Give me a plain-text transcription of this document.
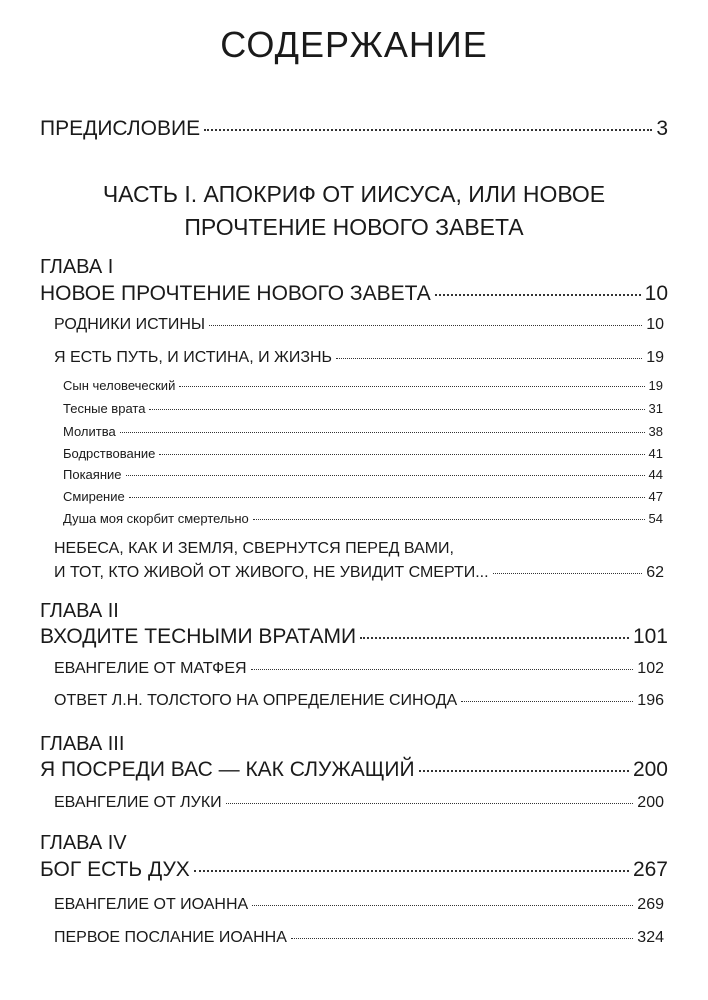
СОДЕРЖАНИЕ
ПРЕДИСЛОВИЕ	3
ЧАСТЬ I. АПОКРИФ ОТ ИИСУСА, ИЛИ НОВОЕ
ПРОЧТЕНИЕ НОВОГО ЗАВЕТА
ГЛАВА I
НОВОЕ ПРОЧТЕНИЕ НОВОГО ЗАВЕТА	10
РОДНИКИ ИСТИНЫ	10
Я ЕСТЬ ПУТЬ, И ИСТИНА, И ЖИЗНЬ	19
Сын человеческий	19
Тесные врата	31
Молитва	38
Бодрствование	41
Покаяние	44
Смирение	47
Душа моя скорбит смертельно	54
НЕБЕСА, КАК И ЗЕМЛЯ, СВЕРНУТСЯ ПЕРЕД ВАМИ,
И ТОТ, КТО ЖИВОЙ ОТ ЖИВОГО, НЕ УВИДИТ СМЕРТИ...	62
ГЛАВА II
ВХОДИТЕ ТЕСНЫМИ ВРАТАМИ	101
ЕВАНГЕЛИЕ ОТ МАТФЕЯ	102
ОТВЕТ Л.Н. ТОЛСТОГО НА ОПРЕДЕЛЕНИЕ СИНОДА	196
ГЛАВА III
Я ПОСРЕДИ ВАС — КАК СЛУЖАЩИЙ	200
ЕВАНГЕЛИЕ ОТ ЛУКИ	200
ГЛАВА IV
БОГ ЕСТЬ ДУХ	267
ЕВАНГЕЛИЕ ОТ ИОАННА	269
ПЕРВОЕ ПОСЛАНИЕ ИОАННА	324
